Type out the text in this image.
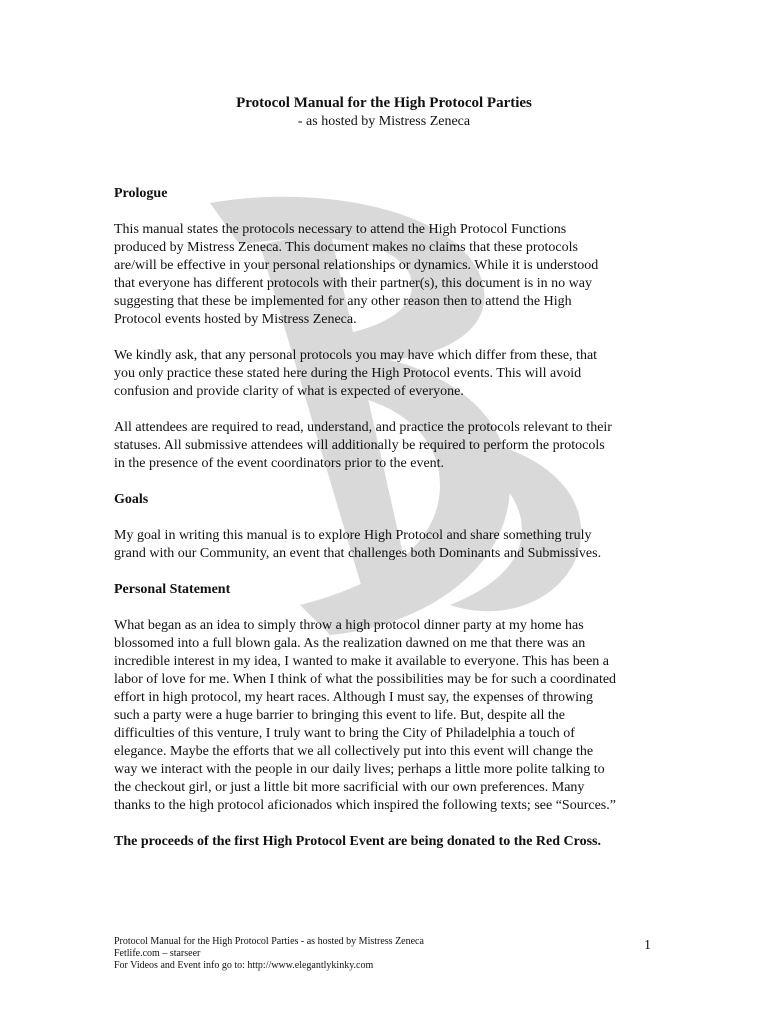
Protocol Manual for the High Protocol Parties
- as hosted by Mistress Zeneca
Prologue

This manual states the protocols necessary to attend the High Protocol Functions
produced by Mistress Zeneca. This document makes no claims that these protocols
are/will be effective in your personal relationships or dynamics. While it is understood
that everyone has different protocols with their partner(s), this document is in no way
suggesting that these be implemented for any other reason then to attend the High
Protocol events hosted by Mistress Zeneca.

We kindly ask, that any personal protocols you may have which differ from these, that
you only practice these stated here during the High Protocol events. This will avoid
confusion and provide clarity of what is expected of everyone.

All attendees are required to read, understand, and practice the protocols relevant to their
statuses. All submissive attendees will additionally be required to perform the protocols
in the presence of the event coordinators prior to the event.

Goals

My goal in writing this manual is to explore High Protocol and share something truly
grand with our Community, an event that challenges both Dominants and Submissives.

Personal Statement

What began as an idea to simply throw a high protocol dinner party at my home has
blossomed into a full blown gala. As the realization dawned on me that there was an
incredible interest in my idea, I wanted to make it available to everyone. This has been a
labor of love for me. When I think of what the possibilities may be for such a coordinated
effort in high protocol, my heart races. Although I must say, the expenses of throwing
such a party were a huge barrier to bringing this event to life. But, despite all the
difficulties of this venture, I truly want to bring the City of Philadelphia a touch of
elegance. Maybe the efforts that we all collectively put into this event will change the
way we interact with the people in our daily lives; perhaps a little more polite talking to
the checkout girl, or just a little bit more sacrificial with our own preferences. Many
thanks to the high protocol aficionados which inspired the following texts; see “Sources.”

The proceeds of the first High Protocol Event are being donated to the Red Cross.

Protocol Manual for the High Protocol Parties - as hosted by Mistress Zeneca
Fetlife.com – starseer
For Videos and Event info go to: http://www.elegantlykinky.com
1
